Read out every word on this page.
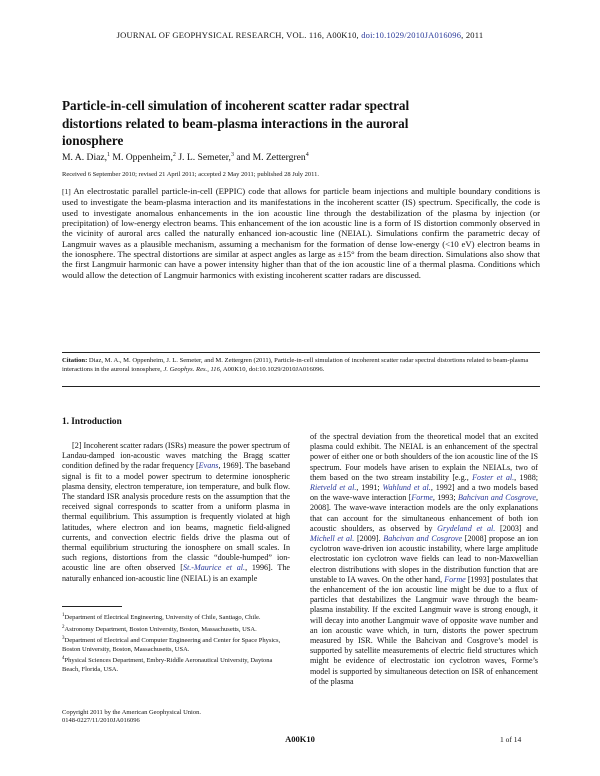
JOURNAL OF GEOPHYSICAL RESEARCH, VOL. 116, A00K10, doi:10.1029/2010JA016096, 2011
Particle-in-cell simulation of incoherent scatter radar spectral distortions related to beam-plasma interactions in the auroral ionosphere
M. A. Diaz,$^1$ M. Oppenheim,$^2$ J. L. Semeter,$^3$ and M. Zettergren$^4$
Received 6 September 2010; revised 21 April 2011; accepted 2 May 2011; published 28 July 2011.
[1] An electrostatic parallel particle-in-cell (EPPIC) code that allows for particle beam injections and multiple boundary conditions is used to investigate the beam-plasma interaction and its manifestations in the incoherent scatter (IS) spectrum. Specifically, the code is used to investigate anomalous enhancements in the ion acoustic line through the destabilization of the plasma by injection (or precipitation) of low-energy electron beams. This enhancement of the ion acoustic line is a form of IS distortion commonly observed in the vicinity of auroral arcs called the naturally enhanced ion-acoustic line (NEIAL). Simulations confirm the parametric decay of Langmuir waves as a plausible mechanism, assuming a mechanism for the formation of dense low-energy (<10 eV) electron beams in the ionosphere. The spectral distortions are similar at aspect angles as large as ±15° from the beam direction. Simulations also show that the first Langmuir harmonic can have a power intensity higher than that of the ion acoustic line of a thermal plasma. Conditions which would allow the detection of Langmuir harmonics with existing incoherent scatter radars are discussed.
Citation: Diaz, M. A., M. Oppenheim, J. L. Semeter, and M. Zettergren (2011), Particle-in-cell simulation of incoherent scatter radar spectral distortions related to beam-plasma interactions in the auroral ionosphere, J. Geophys. Res., 116, A00K10, doi:10.1029/2010JA016096.
1. Introduction

[2] Incoherent scatter radars (ISRs) measure the power spectrum of Landau-damped ion-acoustic waves matching the Bragg scatter condition defined by the radar frequency [Evans, 1969]. The baseband signal is fit to a model power spectrum to determine ionospheric plasma density, electron temperature, ion temperature, and bulk flow. The standard ISR analysis procedure rests on the assumption that the received signal corresponds to scatter from a uniform plasma in thermal equilibrium. This assumption is frequently violated at high latitudes, where electron and ion beams, magnetic field-aligned currents, and convection electric fields drive the plasma out of thermal equilibrium structuring the ionosphere on small scales. In such regions, distortions from the classic “double-humped” ion-acoustic line are often observed [St.-Maurice et al., 1996]. The naturally enhanced ion-acoustic line (NEIAL) is an example

$^1$Department of Electrical Engineering, University of Chile, Santiago, Chile.
$^2$Astronomy Department, Boston University, Boston, Massachusetts, USA.
$^3$Department of Electrical and Computer Engineering and Center for Space Physics, Boston University, Boston, Massachusetts, USA.
$^4$Physical Sciences Department, Embry-Riddle Aeronautical University, Daytona Beach, Florida, USA.
Copyright 2011 by the American Geophysical Union.
0148-0227/11/2010JA016096

of the spectral deviation from the theoretical model that an excited plasma could exhibit. The NEIAL is an enhancement of the spectral power of either one or both shoulders of the ion acoustic line of the IS spectrum. Four models have arisen to explain the NEIALs, two of them based on the two stream instability [e.g., Foster et al., 1988; Rietveld et al., 1991; Wahlund et al., 1992] and a two models based on the wave-wave interaction [Forme, 1993; Bahcivan and Cosgrove, 2008]. The wave-wave interaction models are the only explanations that can account for the simultaneous enhancement of both ion acoustic shoulders, as observed by Grydeland et al. [2003] and Michell et al. [2009]. Bahcivan and Cosgrove [2008] propose an ion cyclotron wave-driven ion acoustic instability, where large amplitude electrostatic ion cyclotron wave fields can lead to non-Maxwellian electron distributions with slopes in the distribution function that are unstable to IA waves. On the other hand, Forme [1993] postulates that the enhancement of the ion acoustic line might be due to a flux of particles that destabilizes the Langmuir wave through the beam-plasma instability. If the excited Langmuir wave is strong enough, it will decay into another Langmuir wave of opposite wave number and an ion acoustic wave which, in turn, distorts the power spectrum measured by ISR. While the Bahcivan and Cosgrove’s model is supported by satellite measurements of electric field structures which might be evidence of electrostatic ion cyclotron waves, Forme’s model is supported by simultaneous detection on ISR of enhancement of the plasma

A00K10	1 of 14
